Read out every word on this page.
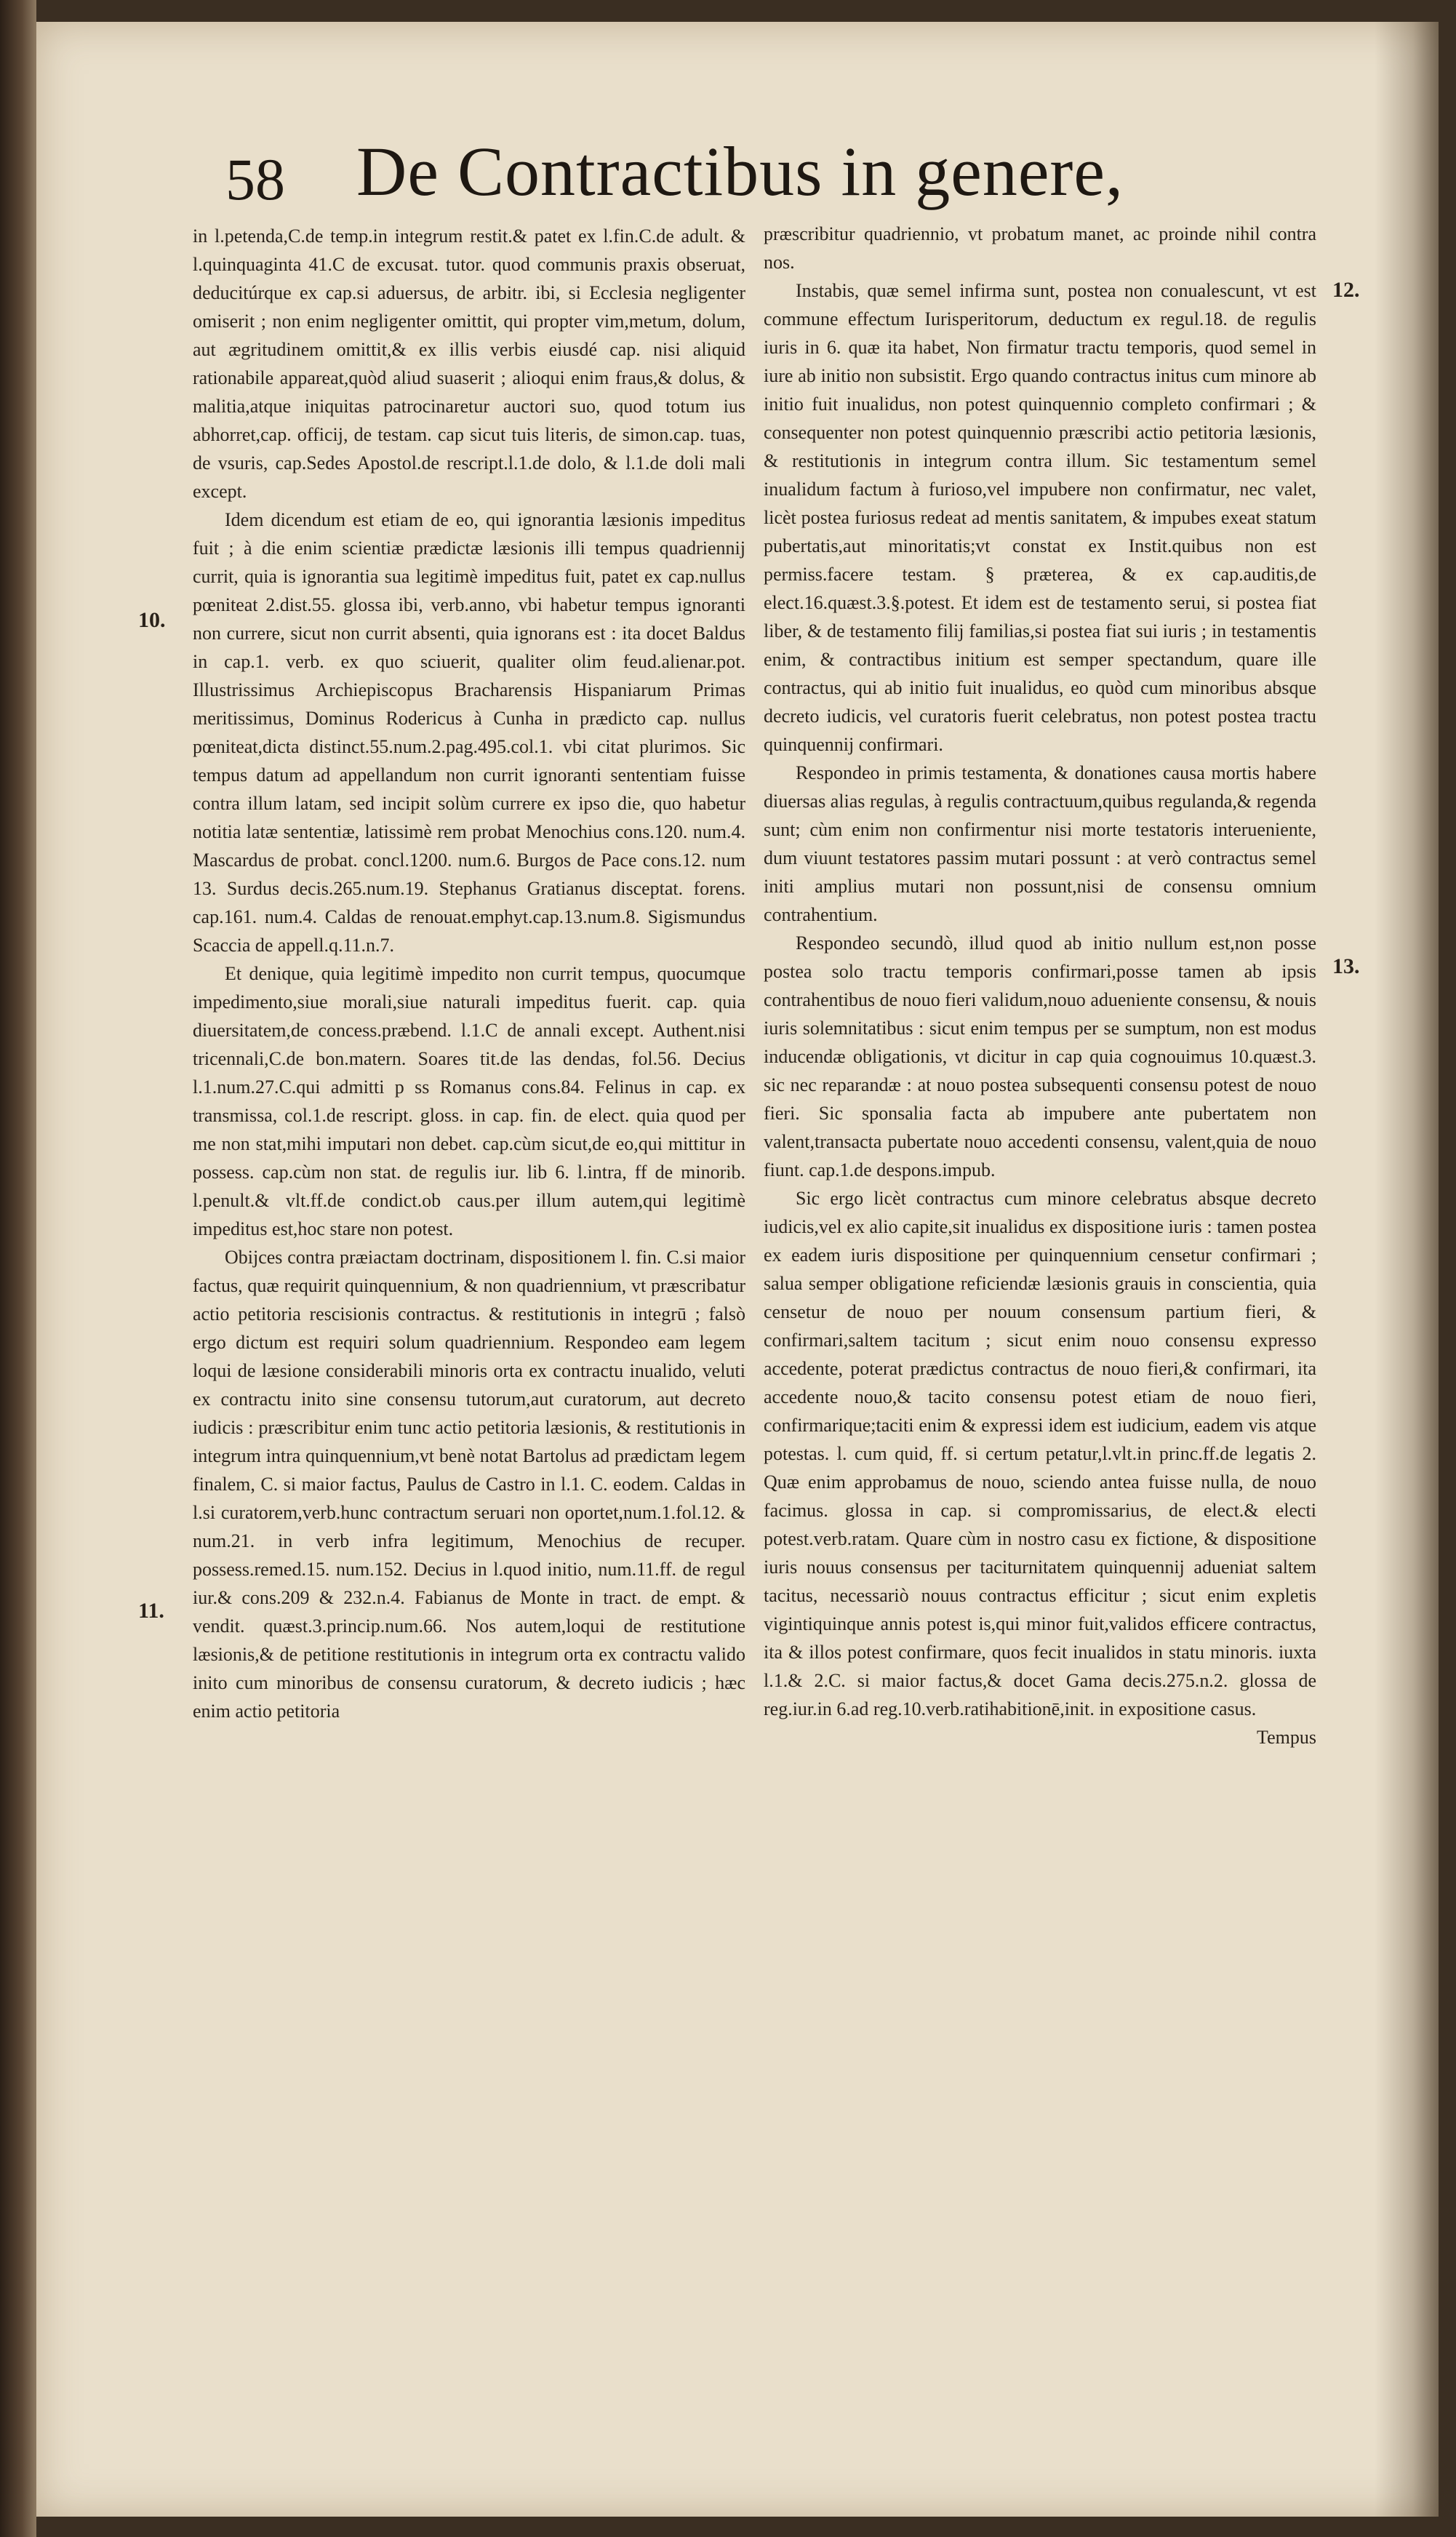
58 De Contractibus in genere,

in l.petenda,C.de temp.in integrum restit.& patet ex l.fin.C.de adult. & l.quinquaginta 41.C de excusat. tutor. quod communis praxis obseruat, deducitúrque ex cap.si aduersus, de arbitr. ibi, si Ecclesia negligenter omiserit ; non enim negligenter omittit, qui propter vim,metum, dolum, aut ægritudinem omittit,& ex illis verbis eiusdé cap. nisi aliquid rationabile appareat,quòd aliud suaserit ; alioqui enim fraus,& dolus, & malitia,atque iniquitas patrocinaretur auctori suo, quod totum ius abhorret,cap. officij, de testam. cap sicut tuis literis, de simon.cap. tuas, de vsuris, cap.Sedes Apostol.de rescript.l.1.de dolo, & l.1.de doli mali except.

Idem dicendum est etiam de eo, qui ignorantia læsionis impeditus fuit ; à die enim scientiæ prædictæ læsionis illi tempus quadriennij currit, quia is ignorantia sua legitimè impeditus fuit, patet ex cap.nullus pœniteat 2.dist.55. glossa ibi, verb.anno, vbi habetur tempus ignoranti non currere, sicut non currit absenti, quia ignorans est : ita docet Baldus in cap.1. verb. ex quo sciuerit, qualiter olim feud.alienar.pot. Illustrissimus Archiepiscopus Bracharensis Hispaniarum Primas meritissimus, Dominus Rodericus à Cunha in prædicto cap. nullus pœniteat,dicta distinct.55.num.2.pag.495.col.1. vbi citat plurimos. Sic tempus datum ad appellandum non currit ignoranti sententiam fuisse contra illum latam, sed incipit solùm currere ex ipso die, quo habetur notitia latæ sententiæ, latissimè rem probat Menochius cons.120. num.4. Mascardus de probat. concl.1200. num.6. Burgos de Pace cons.12. num 13. Surdus decis.265.num.19. Stephanus Gratianus disceptat. forens. cap.161. num.4. Caldas de renouat.emphyt.cap.13.num.8. Sigismundus Scaccia de appell.q.11.n.7.

Et denique, quia legitimè impedito non currit tempus, quocumque impedimento,siue morali,siue naturali impeditus fuerit. cap. quia diuersitatem,de concess.præbend. l.1.C de annali except. Authent.nisi tricennali,C.de bon.matern. Soares tit.de las dendas, fol.56. Decius l.1.num.27.C.qui admitti p ss Romanus cons.84. Felinus in cap. ex transmissa, col.1.de rescript. gloss. in cap. fin. de elect. quia quod per me non stat,mihi imputari non debet. cap.cùm sicut,de eo,qui mittitur in possess. cap.cùm non stat. de regulis iur. lib 6. l.intra, ff de minorib. l.penult.& vlt.ff.de condict.ob caus.per illum autem,qui legitimè impeditus est,hoc stare non potest.

Obijces contra præiactam doctrinam, dispositionem l. fin. C.si maior factus, quæ requirit quinquennium, & non quadriennium, vt præscribatur actio petitoria rescisionis contractus. & restitutionis in integrū ; falsò ergo dictum est requiri solum quadriennium. Respondeo eam legem loqui de læsione considerabili minoris orta ex contractu inualido, veluti ex contractu inito sine consensu tutorum,aut curatorum, aut decreto iudicis : præscribitur enim tunc actio petitoria læsionis, & restitutionis in integrum intra quinquennium,vt benè notat Bartolus ad prædictam legem finalem, C. si maior factus, Paulus de Castro in l.1. C. eodem. Caldas in l.si curatorem,verb.hunc contractum seruari non oportet,num.1.fol.12. & num.21. in verb infra legitimum, Menochius de recuper. possess.remed.15. num.152. Decius in l.quod initio, num.11.ff. de regul iur.& cons.209 & 232.n.4. Fabianus de Monte in tract. de empt. & vendit. quæst.3.princip.num.66. Nos autem,loqui de restitutione læsionis,& de petitione restitutionis in integrum orta ex contractu valido inito cum minoribus de consensu curatorum, & decreto iudicis ; hæc enim actio petitoria

præscribitur quadriennio, vt probatum manet, ac proinde nihil contra nos.

Instabis, quæ semel infirma sunt, postea non conualescunt, vt est commune effectum Iurisperitorum, deductum ex regul.18. de regulis iuris in 6. quæ ita habet, Non firmatur tractu temporis, quod semel in iure ab initio non subsistit. Ergo quando contractus initus cum minore ab initio fuit inualidus, non potest quinquennio completo confirmari ; & consequenter non potest quinquennio præscribi actio petitoria læsionis, & restitutionis in integrum contra illum. Sic testamentum semel inualidum factum à furioso,vel impubere non confirmatur, nec valet, licèt postea furiosus redeat ad mentis sanitatem, & impubes exeat statum pubertatis,aut minoritatis;vt constat ex Instit.quibus non est permiss.facere testam. § præterea, & ex cap.auditis,de elect.16.quæst.3.§.potest. Et idem est de testamento serui, si postea fiat liber, & de testamento filij familias,si postea fiat sui iuris ; in testamentis enim, & contractibus initium est semper spectandum, quare ille contractus, qui ab initio fuit inualidus, eo quòd cum minoribus absque decreto iudicis, vel curatoris fuerit celebratus, non potest postea tractu quinquennij confirmari.

Respondeo in primis testamenta, & donationes causa mortis habere diuersas alias regulas, à regulis contractuum,quibus regulanda,& regenda sunt; cùm enim non confirmentur nisi morte testatoris interueniente, dum viuunt testatores passim mutari possunt : at verò contractus semel initi amplius mutari non possunt,nisi de consensu omnium contrahentium.

Respondeo secundò, illud quod ab initio nullum est,non posse postea solo tractu temporis confirmari,posse tamen ab ipsis contrahentibus de nouo fieri validum,nouo adueniente consensu, & nouis iuris solemnitatibus : sicut enim tempus per se sumptum, non est modus inducendæ obligationis, vt dicitur in cap quia cognouimus 10.quæst.3. sic nec reparandæ : at nouo postea subsequenti consensu potest de nouo fieri. Sic sponsalia facta ab impubere ante pubertatem non valent,transacta pubertate nouo accedenti consensu, valent,quia de nouo fiunt. cap.1.de despons.impub.

Sic ergo licèt contractus cum minore celebratus absque decreto iudicis,vel ex alio capite,sit inualidus ex dispositione iuris : tamen postea ex eadem iuris dispositione per quinquennium censetur confirmari ; salua semper obligatione reficiendæ læsionis grauis in conscientia, quia censetur de nouo per nouum consensum partium fieri, & confirmari,saltem tacitum ; sicut enim nouo consensu expresso accedente, poterat prædictus contractus de nouo fieri,& confirmari, ita accedente nouo,& tacito consensu potest etiam de nouo fieri, confirmarique;taciti enim & expressi idem est iudicium, eadem vis atque potestas. l. cum quid, ff. si certum petatur,l.vlt.in princ.ff.de legatis 2. Quæ enim approbamus de nouo, sciendo antea fuisse nulla, de nouo facimus. glossa in cap. si compromissarius, de elect.& electi potest.verb.ratam. Quare cùm in nostro casu ex fictione, & dispositione iuris nouus consensus per taciturnitatem quinquennij adueniat saltem tacitus, necessariò nouus contractus efficitur ; sicut enim expletis vigintiquinque annis potest is,qui minor fuit,validos efficere contractus, ita & illos potest confirmare, quos fecit inualidos in statu minoris. iuxta l.1.& 2.C. si maior factus,& docet Gama decis.275.n.2. glossa de reg.iur.in 6.ad reg.10.verb.ratihabitionē,init. in expositione casus.

Tempus

10.
11.
12.
13.
